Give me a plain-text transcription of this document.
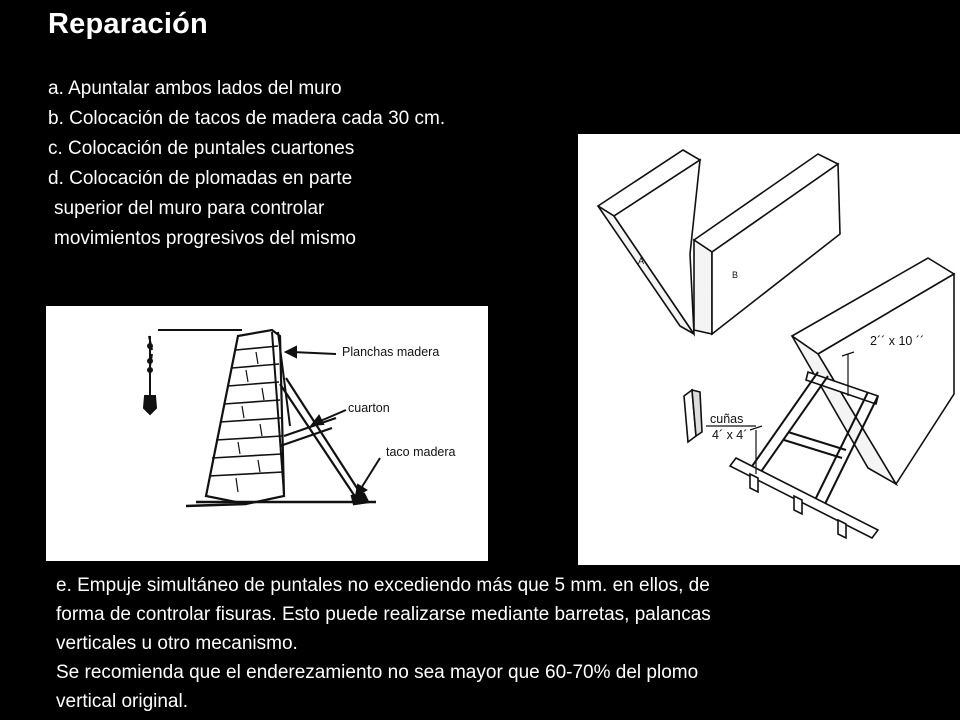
Reparación
a. Apuntalar ambos lados del muro
b. Colocación de tacos de madera cada 30 cm.
c. Colocación de puntales cuartones
d. Colocación de plomadas en parte
superior del muro para controlar
movimientos progresivos del mismo
Planchas madera
cuarton
taco madera
A
B
2´´ x 10 ´´
cuñas
4´ x 4´
e. Empuje simultáneo de puntales no excediendo más que 5 mm. en ellos, de
forma de controlar fisuras. Esto puede realizarse mediante barretas, palancas
verticales u otro mecanismo.
Se recomienda que el enderezamiento no sea mayor que 60-70% del plomo
vertical original.
